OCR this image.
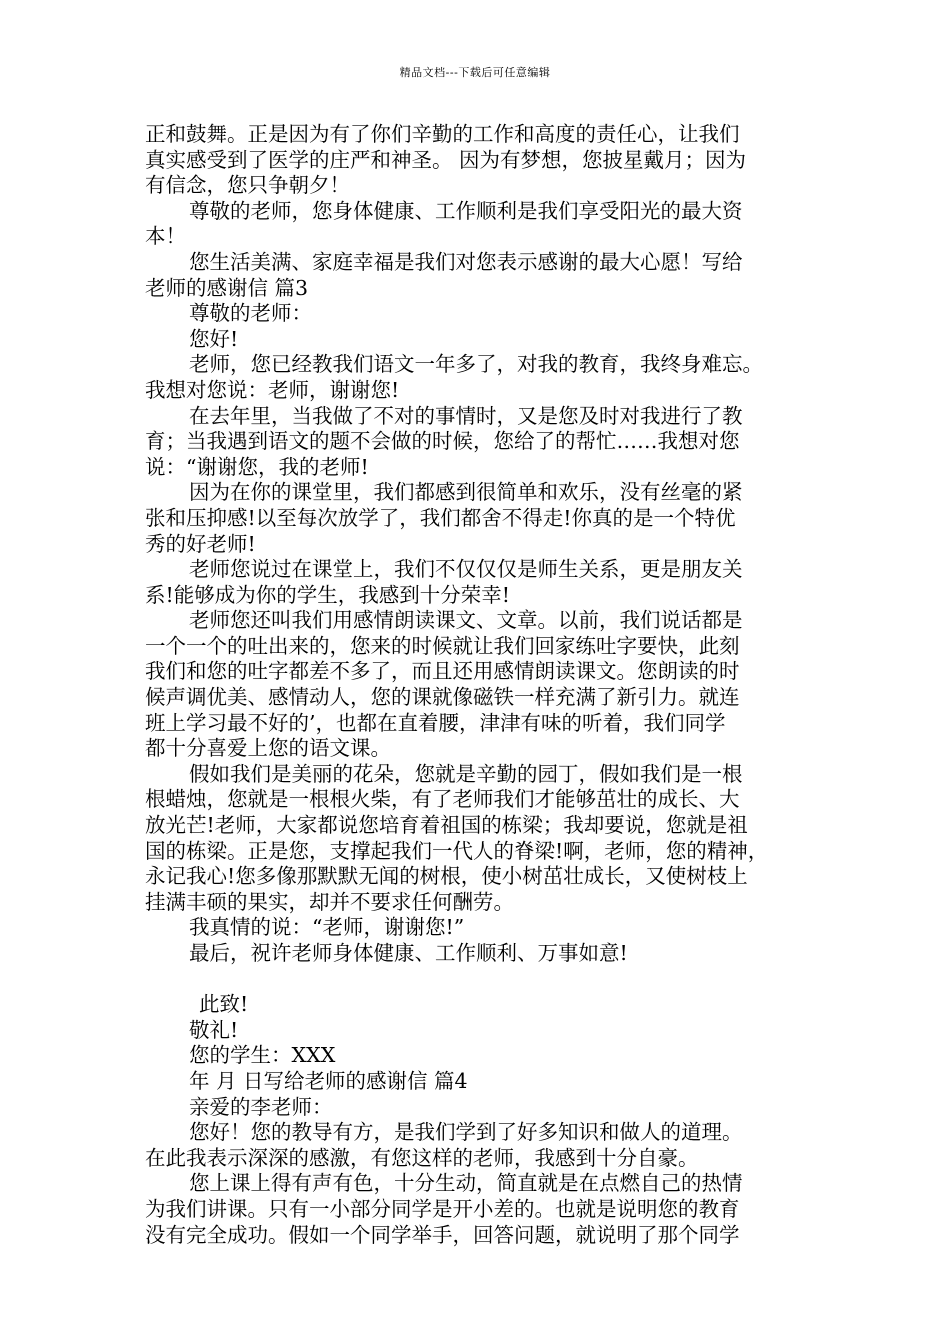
精品文档---下载后可任意编辑
正和鼓舞。正是因为有了你们辛勤的工作和高度的责任心，让我们
真实感受到了医学的庄严和神圣。 因为有梦想，您披星戴月；因为
有信念，您只争朝夕！
尊敬的老师，您身体健康、工作顺利是我们享受阳光的最大资
本！
您生活美满、家庭幸福是我们对您表示感谢的最大心愿！写给
老师的感谢信 篇3
尊敬的老师：
您好!
老师，您已经教我们语文一年多了，对我的教育，我终身难忘。
我想对您说：老师，谢谢您!
在去年里，当我做了不对的事情时，又是您及时对我进行了教
育；当我遇到语文的题不会做的时候，您给了的帮忙……我想对您
说：“谢谢您，我的老师!
因为在你的课堂里，我们都感到很简单和欢乐，没有丝毫的紧
张和压抑感!以至每次放学了，我们都舍不得走!你真的是一个特优
秀的好老师!
老师您说过在课堂上，我们不仅仅仅是师生关系，更是朋友关
系!能够成为你的学生，我感到十分荣幸!
老师您还叫我们用感情朗读课文、文章。以前，我们说话都是
一个一个的吐出来的，您来的时候就让我们回家练吐字要快，此刻
我们和您的吐字都差不多了，而且还用感情朗读课文。您朗读的时
候声调优美、感情动人，您的课就像磁铁一样充满了新引力。就连
班上学习最不好的’，也都在直着腰，津津有味的听着，我们同学
都十分喜爱上您的语文课。
假如我们是美丽的花朵，您就是辛勤的园丁，假如我们是一根
根蜡烛，您就是一根根火柴，有了老师我们才能够茁壮的成长、大
放光芒!老师，大家都说您培育着祖国的栋梁；我却要说，您就是祖
国的栋梁。正是您，支撑起我们一代人的脊梁!啊，老师，您的精神，
永记我心!您多像那默默无闻的树根，使小树茁壮成长，又使树枝上
挂满丰硕的果实，却并不要求任何酬劳。
我真情的说：“老师，谢谢您!”
最后，祝许老师身体健康、工作顺利、万事如意!
此致!
敬礼!
您的学生：XXX
年 月 日写给老师的感谢信 篇4
亲爱的李老师：
您好！您的教导有方，是我们学到了好多知识和做人的道理。
在此我表示深深的感激，有您这样的老师，我感到十分自豪。
您上课上得有声有色，十分生动，简直就是在点燃自己的热情
为我们讲课。只有一小部分同学是开小差的。也就是说明您的教育
没有完全成功。假如一个同学举手，回答问题，就说明了那个同学
